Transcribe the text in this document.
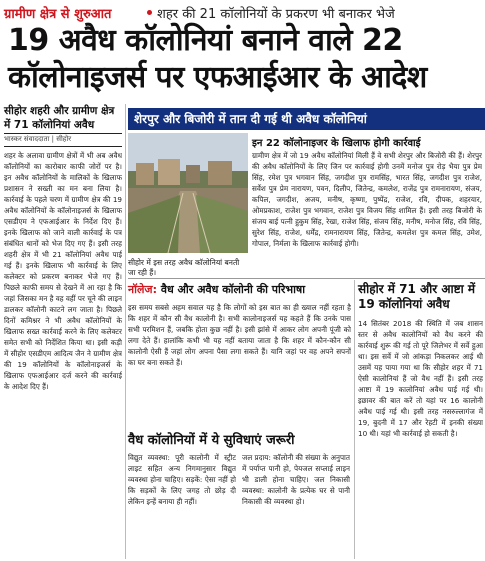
ग्रामीण क्षेत्र से शुरुआत	शहर की 21 कॉलोनियों के प्रकरण भी बनाकर भेजे
19 अवैध कॉलोनियां बनाने वाले 22
कॉलोनाइजर्स पर एफआईआर के आदेश
सीहोर शहरी और ग्रामीण क्षेत्र में 71 कॉलोनियां अवैध
भास्कर संवाददाता | सीहोर
शहर के अलावा ग्रामीण क्षेत्रों में भी अब अवैध कॉलोनियों का कारोबार काफी जोरों पर है। इन अवैध कॉलोनियों के मालिकों के खिलाफ प्रशासन ने सख्ती का मन बना लिया है। कार्रवाई के पहले चरण में ग्रामीण क्षेत्र की 19 अवैध कॉलोनियों के कॉलोनाइजर्स के खिलाफ एसडीएम ने एफआईआर के निर्देश दिए हैं। इनके खिलाफ को जाने वाली कार्रवाई के पत्र संबंधित थानों को भेज दिए गए हैं। इसी तरह शहरी क्षेत्र में भी 21 कॉलोनियां अवैध पाई गई हैं। इनके खिलाफ भी कार्रवाई के लिए कलेक्टर को प्रकरण बनाकर भेजे गए हैं। पिछले काफी समय से देखने में आ रहा है कि जहां जिसका मन है वह वहीं पर चूने की लाइन डालकर कॉलोनी काटने लग जाता है। पिछले दिनों कमिश्नर ने भी अवैध कॉलोनियों के खिलाफ सख्त कार्रवाई करने के लिए कलेक्टर समेत सभी को निर्देशित किया था। इसी कड़ी में सीहोर एसडीएम आदित्य जैन ने ग्रामीण क्षेत्र की 19 कॉलोनियों के कॉलोनाइजर्स के खिलाफ एफआईआर दर्ज करने की कार्रवाई के आदेश दिए हैं।
शेरपुर और बिजोरी में तान दी गई थी अवैध कॉलोनियां
सीहोर में इस तरह अवैध कॉलोनियां बनती जा रही हैं।
इन 22 कॉलोनाइजर के खिलाफ होगी कार्रवाई
ग्रामीण क्षेत्र में जो 19 अवैध कॉलोनियां मिली हैं वे सभी शेरपुर और बिजोरी की हैं। शेरपुर की अवैध कॉलोनियों के लिए जिन पर कार्रवाई होगी उनमें मनोज पुत्र रोड़ भैया पुत्र प्रेम सिंह, रमेश पुत्र भगवान सिंह, जगदीश पुत्र रामसिंह, भारत सिंह, जगदीश पुत्र राजेश, सर्वेश पुत्र प्रेम नारायण, पवन, दिलीप, जितेन्द्र, कमलेश, राजेंद्र पुत्र रामनारायण, संजय, कपिल, जगदीश, अजय, मनीष, कृष्णा, पुष्पेंद्र, राजेश, रवि, दीपक, शहरयार, ओमप्रकाश, राजेश पुत्र भगवान, राजेश पुत्र विजय सिंह शामिल हैं। इसी तरह बिजोरी के संजय बाई पत्नी हुकुम सिंह, रेखा, राजेश सिंह, संजय सिंह, मनीष, मनोज सिंह, रवि सिंह, सुरेश सिंह, राजेश, धर्मेंद्र, रामनारायण सिंह, जितेन्द्र, कमलेश पुत्र कमल सिंह, उमेश, गोपाल, निर्मला के खिलाफ कार्रवाई होगी।
नॉलेज: वैध और अवैध कॉलोनी की परिभाषा
इस समय सबसे अहम सवाल यह है कि लोगों को इस बात का ही ख्याल नहीं रहता है कि शहर में कौन सी वैध कालोनी है। सभी कालोनाइजर्स यह कहते हैं कि उनके पास सभी परमिशन हैं, जबकि होता कुछ नहीं है। इसी झांसे में आकर लोग अपनी पूंजी को लगा देते हैं। हालांकि कभी भी यह नहीं बताया जाता है कि शहर में कौन-कौन सी कालोनी ऐसी हैं जहां लोग अपना पैसा लगा सकते हैं। यानि जहां पर वह अपने सपनों का घर बना सकते हैं।
वैध कॉलोनियों में ये सुविधाएं जरूरी
विद्युत व्यवस्था: पूरी कालोनी में स्ट्रीट लाइट सहित अन्य निगमानुसार विद्युत व्यवस्था होना चाहिए। सड़कें: ऐसा नहीं हो कि सड़कों के लिए जगह तो छोड़ दी लेकिन इन्हें बनाया ही नहीं।
जल प्रदाय: कॉलोनी की संख्या के अनुपात में पर्याप्त पानी हो, पेयजल सप्लाई लाइन भी डाली होना चाहिए। जल निकासी व्यवस्था: कालोनी के प्रत्येक घर से पानी निकासी की व्यवस्था हो।
सीहोर में 71 और आष्टा में 19 कॉलोनियां अवैध
14 सितंबर 2018 की स्थिति में जब शासन स्तर से अवैध कालोनियों को वैध करने की कार्रवाई शुरू की गई तो पूरे जिलेभर में सर्वे हुआ था। इस सर्वे में जो आंकड़ा निकलकर आई थी उसमें यह पाया गया था कि सीहोर शहर में 71 ऐसी कालोनियां हैं जो वैध नहीं हैं। इसी तरह आष्टा में 19 कालोनियां अवैध पाई गई थी। इछावर की बात करें तो यहां पर 16 कालोनी अवैध पाई गई थी। इसी तरह नसरुल्लागंज में 19, बुदनी में 17 और रेहटी में इनकी संख्या 10 थी। यहां भी कार्रवाई हो सकती है।
